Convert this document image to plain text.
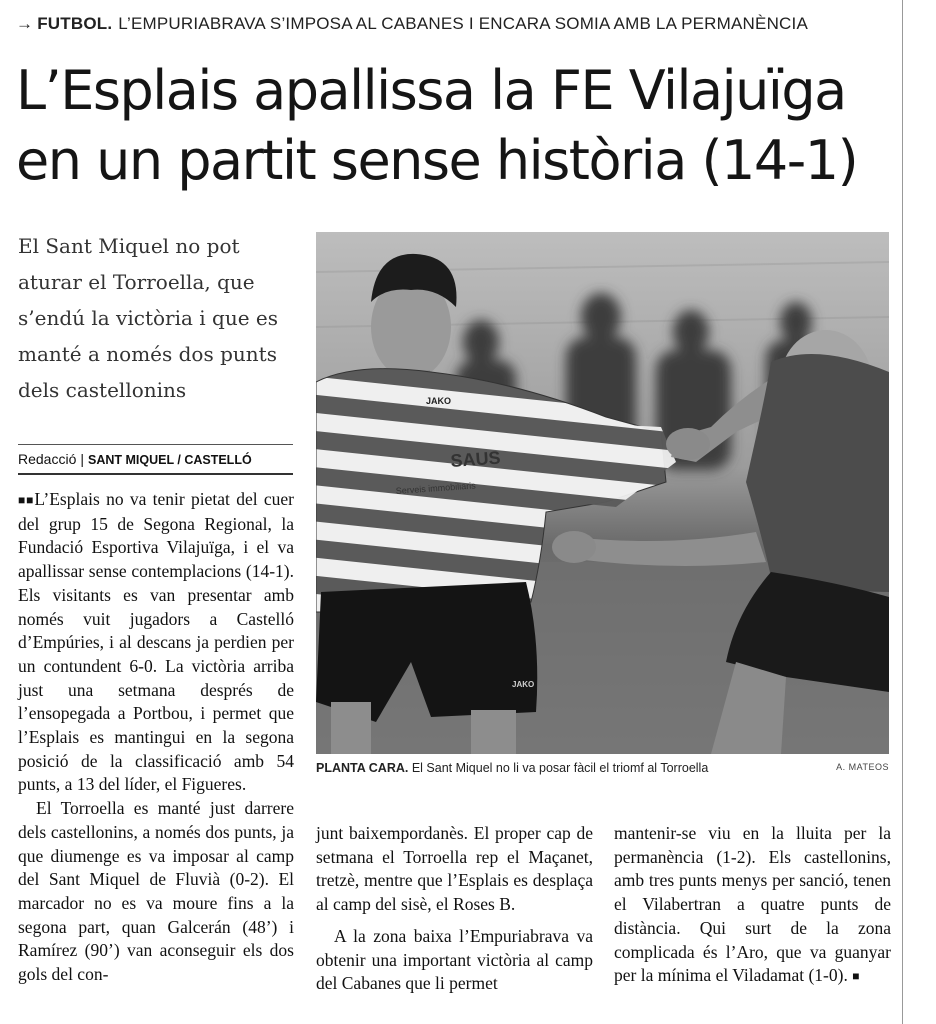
→ FUTBOL. L’EMPURIABRAVA S’IMPOSA AL CABANES I ENCARA SOMIA AMB LA PERMANÈNCIA
L’Esplais apallissa la FE Vilajuïga
en un partit sense història (14-1)

El Sant Miquel no pot aturar el Torroella, que s’endú la victòria i que es manté a només dos punts dels castellonins

Redacció | SANT MIQUEL / CASTELLÓ

■■L’Esplais no va tenir pietat del cuer del grup 15 de Segona Regional, la Fundació Esportiva Vilajuïga, i el va apallissar sense contemplacions (14-1). Els visitants es van presentar amb només vuit jugadors a Castelló d’Empúries, i al descans ja perdien per un contundent 6-0. La victòria arriba just una setmana després de l’ensopegada a Portbou, i permet que l’Esplais es mantingui en la segona posició de la classificació amb 54 punts, a 13 del líder, el Figueres.

El Torroella es manté just darrere dels castellonins, a només dos punts, ja que diumenge es va imposar al camp del Sant Miquel de Fluvià (0-2). El marcador no es va moure fins a la segona part, quan Galcerán (48’) i Ramírez (90’) van aconseguir els dos gols del con-

junt baixempordanès. El proper cap de setmana el Torroella rep el Maçanet, tretzè, mentre que l’Esplais es desplaça al camp del sisè, el Roses B.

A la zona baixa l’Empuriabrava va obtenir una important victòria al camp del Cabanes que li permet

mantenir-se viu en la lluita per la permanència (1-2). Els castellonins, amb tres punts menys per sanció, tenen el Vilabertran a quatre punts de distància. Qui surt de la zona complicada és l’Aro, que va guanyar per la mínima el Viladamat (1-0). ■

JAKO
SAUS
Serveis immobiliaris
JAKO
PLANTA CARA. El Sant Miquel no li va posar fàcil el triomf al Torroella	A. MATEOS
